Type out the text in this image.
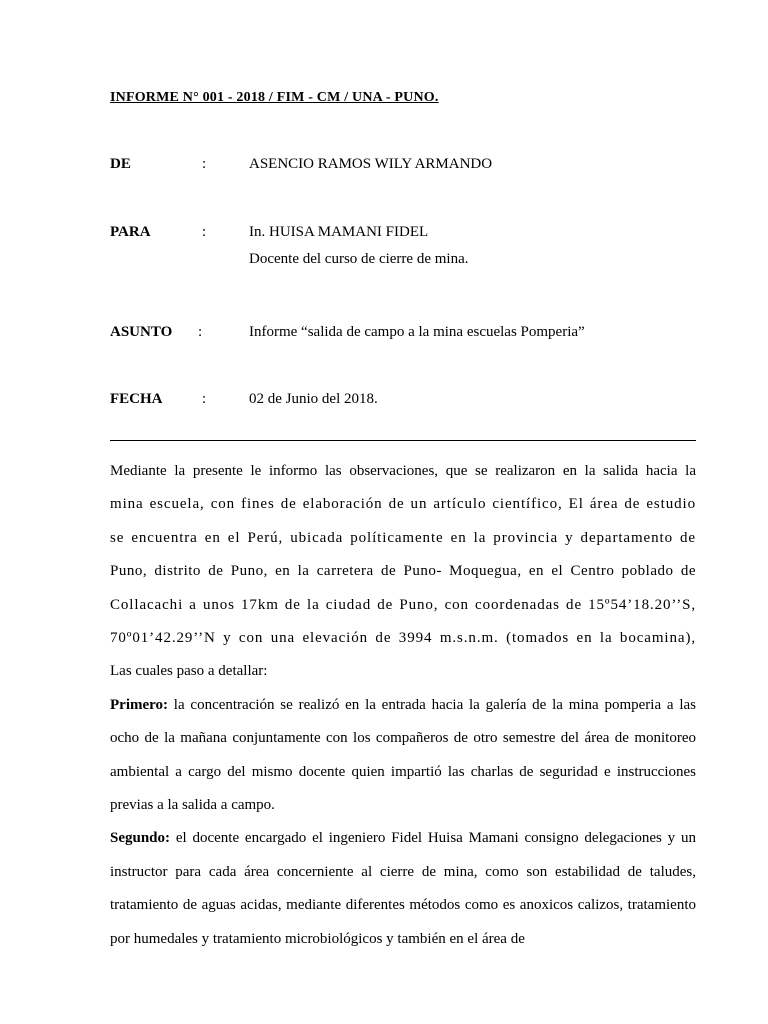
INFORME N° 001 - 2018 / FIM - CM / UNA - PUNO.
DE	:	ASENCIO RAMOS WILY ARMANDO
PARA	:	In. HUISA MAMANI FIDEL
Docente del curso de cierre de mina.
ASUNTO	:	Informe “salida de campo a la mina escuelas Pomperia”
FECHA	:	02 de Junio del 2018.
Mediante la presente le informo las observaciones, que se realizaron en la salida hacia la
mina escuela, con fines de elaboración de un artículo científico, El área de estudio
se encuentra en el Perú, ubicada políticamente en la provincia y departamento de
Puno, distrito de Puno, en la carretera de Puno- Moquegua, en el Centro poblado de
Collacachi a unos 17km de la ciudad de Puno, con coordenadas de 15º54’18.20’’S,
70º01’42.29’’N y con una elevación de 3994 m.s.n.m. (tomados en la bocamina),
Las cuales paso a detallar:

Primero: la concentración se realizó en la entrada hacia la galería de la mina pomperia a las ocho de la mañana conjuntamente con los compañeros de otro semestre del área de monitoreo ambiental a cargo del mismo docente quien impartió las charlas de seguridad e instrucciones previas a la salida a campo.

Segundo: el docente encargado el ingeniero Fidel Huisa Mamani consigno delegaciones y un instructor para cada área concerniente al cierre de mina, como son estabilidad de taludes, tratamiento de aguas acidas, mediante diferentes métodos como es anoxicos calizos, tratamiento por humedales y tratamiento microbiológicos y también en el área de
